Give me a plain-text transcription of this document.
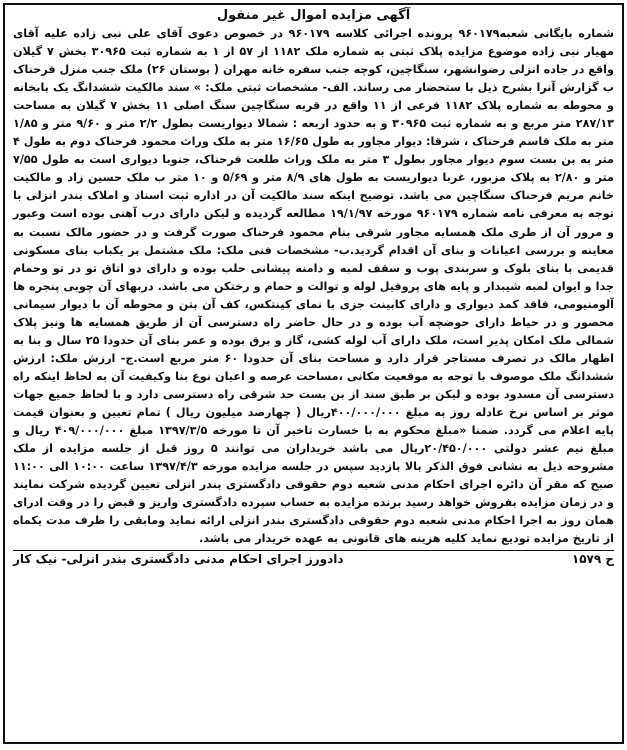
آگهی مزایده اموال غیر منقول

شماره بایگانی شعبه۹۶۰۱۷۹ پرونده اجرائی کلاسه ۹۶۰۱۷۹ در خصوص دعوی آقای علی نبی زاده علیه آقای مهیار نبی زاده موضوع مزایده پلاک ثبتی به شماره ملک ۱۱۸۲ از ۵۷ از ۱ به شماره ثبت ۳۰۹۶۵ بخش ۷ گیلان واقع در جاده انزلی رضوانشهر، سنگاچین، کوچه جنب سفره خانه مهران ( بوستان ۲۶) ملک جنب منزل فرحناک ب گزارش آنرا بشرح ذیل با ستحضار می رساند. الف- مشخصات ثبتی ملک: » سند مالکیت ششدانگ یک بابخانه و محوطه به شماره پلاک ۱۱۸۲ فرعی از ۱۱ واقع در قریه سنگاچین سنگ اصلی ۱۱ بخش ۷ گیلان به مساحت ۲۸۷/۱۳ متر مربع و به شماره ثبت ۳۰۹۶۵ و به حدود اربعه : شمالا دیواریست بطول ۲/۲ متر و ۹/۶۰ متر و ۱/۸۵ متر به ملک قاسم فرحناک ، شرقا: دیوار مجاور به طول ۱۶/۶۵ متر به ملک وراث محمود فرحناک دوم به طول ۴ متر به بن بست سوم دیوار مجاور بطول ۳ متر به ملک وراث طلعت فرحناک، جنوبا دیواری است به طول ۷/۵۵ متر و ۲/۸۰ به پلاک مزبور، غربا دیواریست به طول های ۸/۹ متر و ۵/۶۹ و ۱۰ متر ب ملک حسین زاد و مالکیت خانم مریم فرحناک سنگاچین می باشد. توضیح اینکه سند مالکیت آن در اداره ثبت اسناد و املاک بندر انزلی با توجه به معرفی نامه شماره ۹۶۰۱۷۹ مورخه ۱۹/۱/۹۷ مطالعه گردیده و لیکن دارای درب آهنی بوده است وعبور و مرور آن از طری ملک همسایه مجاور شرقی بنام محمود فرحناک صورت گرفت و در حضور مالک نسبت به معاینه و بررسی اعیانات و بنای آن اقدام گردید.ب- مشخصات فنی ملک: ملک مشتمل بر یکباب بنای مسکونی قدیمی با بنای بلوک و سربندی پوب و سقف لمبه و دامنه پیشانی حلب بوده و دارای دو اتاق تو در تو وحمام جدا و ایوان لمبه شیبدار و پایه های پروفیل لوله و توالت و حمام و رختکن می باشد. دربهای آن چوبی پنجره ها آلومنیومی، فاقد کمد دیواری و دارای کابینت جزی با نمای کینتکس، کف آن بتن و محوطه آن با دیوار سیمانی محصور و در حیاط دارای حوضچه آب بوده و در حال حاضر راه دسترسی آن از طریق همسایه ها ونیز پلاک شمالی ملک امکان پذیر است، ملک دارای آب لوله کشی، گاز و برق بوده و عمر بنای آن حدودا ۲۵ سال و بنا به اظهار مالک در تصرف مستاجر قرار دارد و مساحت بنای آن حدودا ۶۰ متر مربع است.ج- ارزش ملک: ارزش ششدانگ ملک موصوف با توجه به موقعیت مکانی ،مساحت عرصه و اعیان نوع بنا وکیفیت آن به لحاظ اینکه راه دسترسی آن مسدود بوده و لیکن بر طبق سند از بن بست حد شرقی راه دسترسی دارد و با لحاظ جمیع جهات موثر بر اساس نرخ عادله روز به مبلغ ۴۰۰/۰۰۰/۰۰۰ریال ( چهارصد میلیون ریال ) تمام تعیین و بعنوان قیمت پایه اعلام می گردد. ضمنا «مبلغ محکوم به با خسارت تاخیر آن تا مورخه ۱۳۹۷/۳/۵ مبلغ ۴۰۹/۰۰۰/۰۰۰ ریال و مبلغ نیم عشر دولتی ۲۰/۴۵۰/۰۰۰ریال می باشد خریداران می توانند ۵ روز قبل از جلسه مزایده از ملک مشروحه ذیل به نشانی فوق الذکر بالا بازدید سپس در جلسه مزایده مورخه ۱۳۹۷/۴/۳ ساعت ۱۰:۰۰ الی ۱۱:۰۰ صبح که مقر آن دائره اجرای احکام مدنی شعبه دوم حقوقی دادگستری بندر انزلی تعیین گردیده شرکت نمایند و در زمان مزایده بفروش خواهد رسید برنده مزایده به حساب سپرده دادگستری واریز و قبض را در وقت ادرای همان روز به اجرا احکام مدنی شعبه دوم حقوقی دادگستری بندر انزلی ارائه نماید ومابقی را ظرف مدت یکماه از تاریخ مزایده تودیع نماید کلیه هزینه های قانونی به عهده خریدار می باشد.

ح ۱۵۷۹
دادورز اجرای احکام مدنی دادگستری بندر انزلی- نیک کار
